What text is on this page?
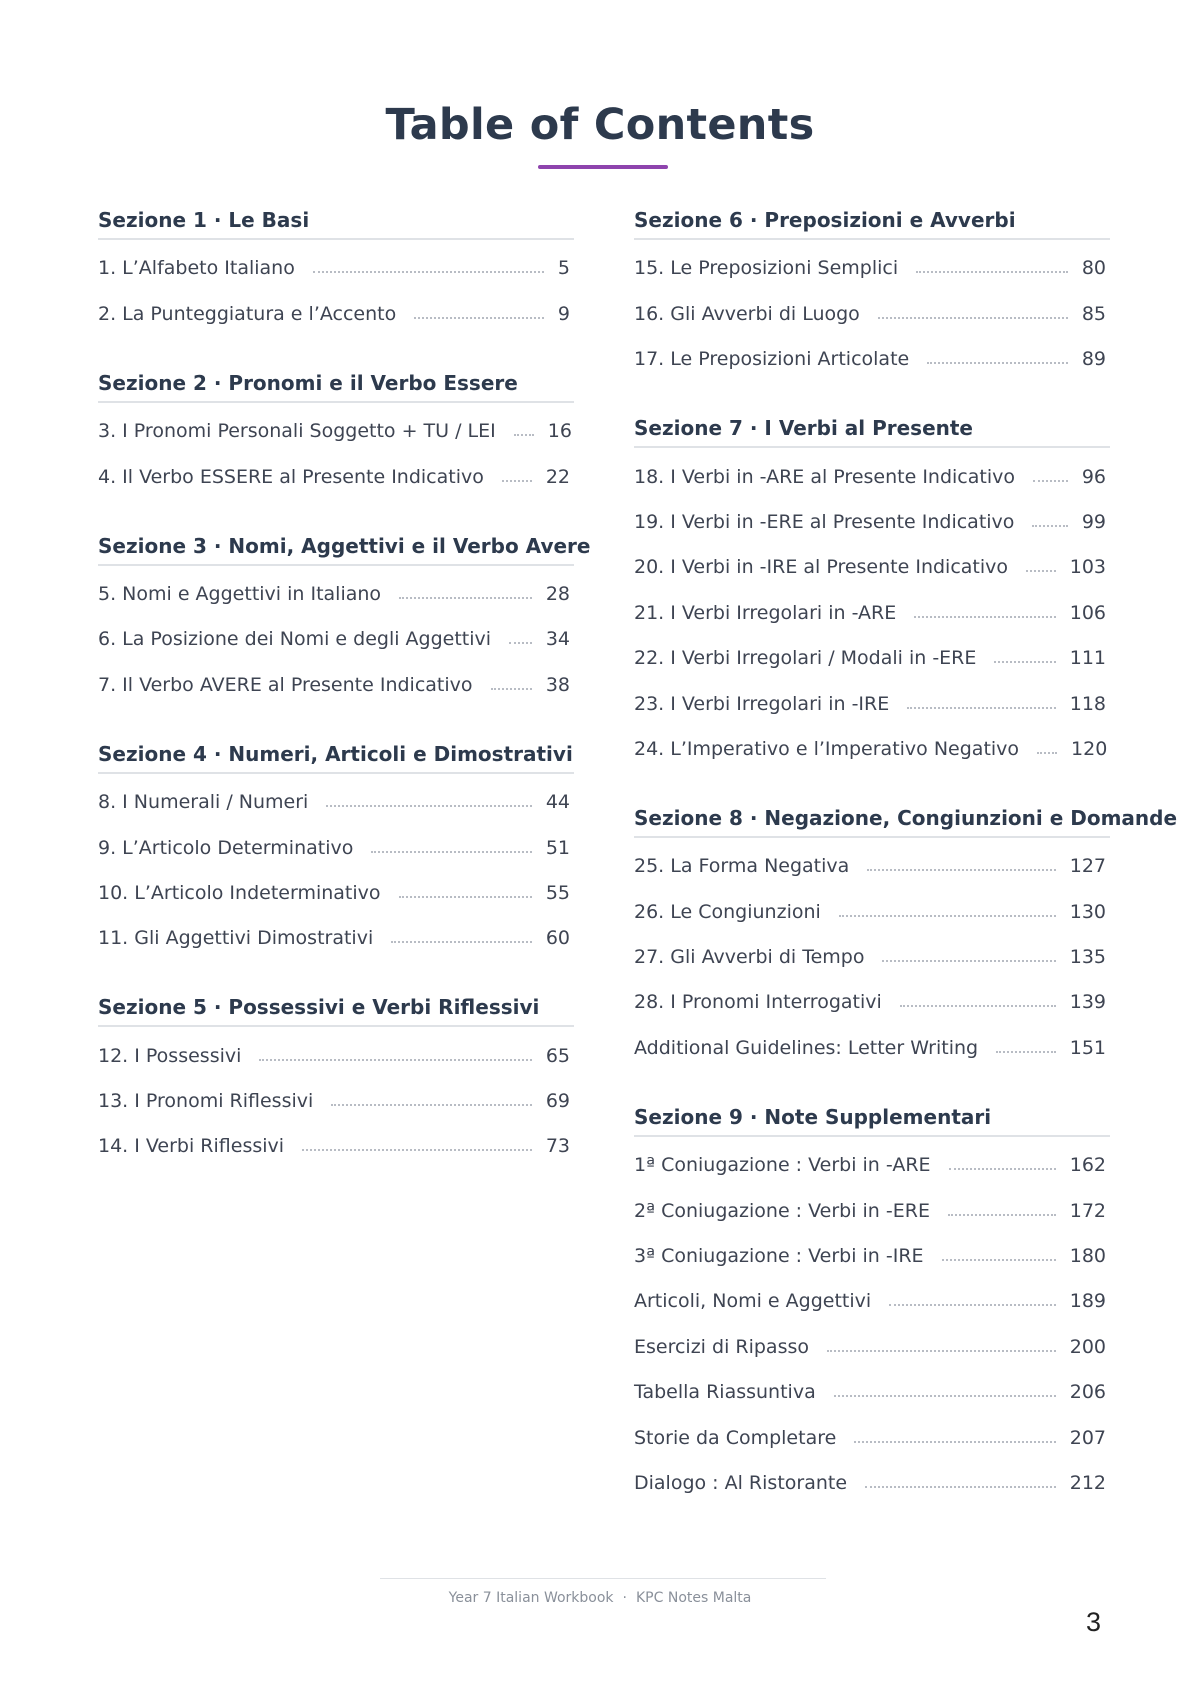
Table of Contents
Sezione 1 · Le Basi
1. L’Alfabeto Italiano	5
2. La Punteggiatura e l’Accento	9
Sezione 2 · Pronomi e il Verbo Essere
3. I Pronomi Personali Soggetto + TU / LEI	16
4. Il Verbo ESSERE al Presente Indicativo	22
Sezione 3 · Nomi, Aggettivi e il Verbo Avere
5. Nomi e Aggettivi in Italiano	28
6. La Posizione dei Nomi e degli Aggettivi	34
7. Il Verbo AVERE al Presente Indicativo	38
Sezione 4 · Numeri, Articoli e Dimostrativi
8. I Numerali / Numeri	44
9. L’Articolo Determinativo	51
10. L’Articolo Indeterminativo	55
11. Gli Aggettivi Dimostrativi	60
Sezione 5 · Possessivi e Verbi Riflessivi
12. I Possessivi	65
13. I Pronomi Riflessivi	69
14. I Verbi Riflessivi	73
Sezione 6 · Preposizioni e Avverbi
15. Le Preposizioni Semplici	80
16. Gli Avverbi di Luogo	85
17. Le Preposizioni Articolate	89
Sezione 7 · I Verbi al Presente
18. I Verbi in -ARE al Presente Indicativo	96
19. I Verbi in -ERE al Presente Indicativo	99
20. I Verbi in -IRE al Presente Indicativo	103
21. I Verbi Irregolari in -ARE	106
22. I Verbi Irregolari / Modali in -ERE	111
23. I Verbi Irregolari in -IRE	118
24. L’Imperativo e l’Imperativo Negativo	120
Sezione 8 · Negazione, Congiunzioni e Domande
25. La Forma Negativa	127
26. Le Congiunzioni	130
27. Gli Avverbi di Tempo	135
28. I Pronomi Interrogativi	139
Additional Guidelines: Letter Writing	151
Sezione 9 · Note Supplementari
1ª Coniugazione : Verbi in -ARE	162
2ª Coniugazione : Verbi in -ERE	172
3ª Coniugazione : Verbi in -IRE	180
Articoli, Nomi e Aggettivi	189
Esercizi di Ripasso	200
Tabella Riassuntiva	206
Storie da Completare	207
Dialogo : Al Ristorante	212
Year 7 Italian Workbook · KPC Notes Malta
3
